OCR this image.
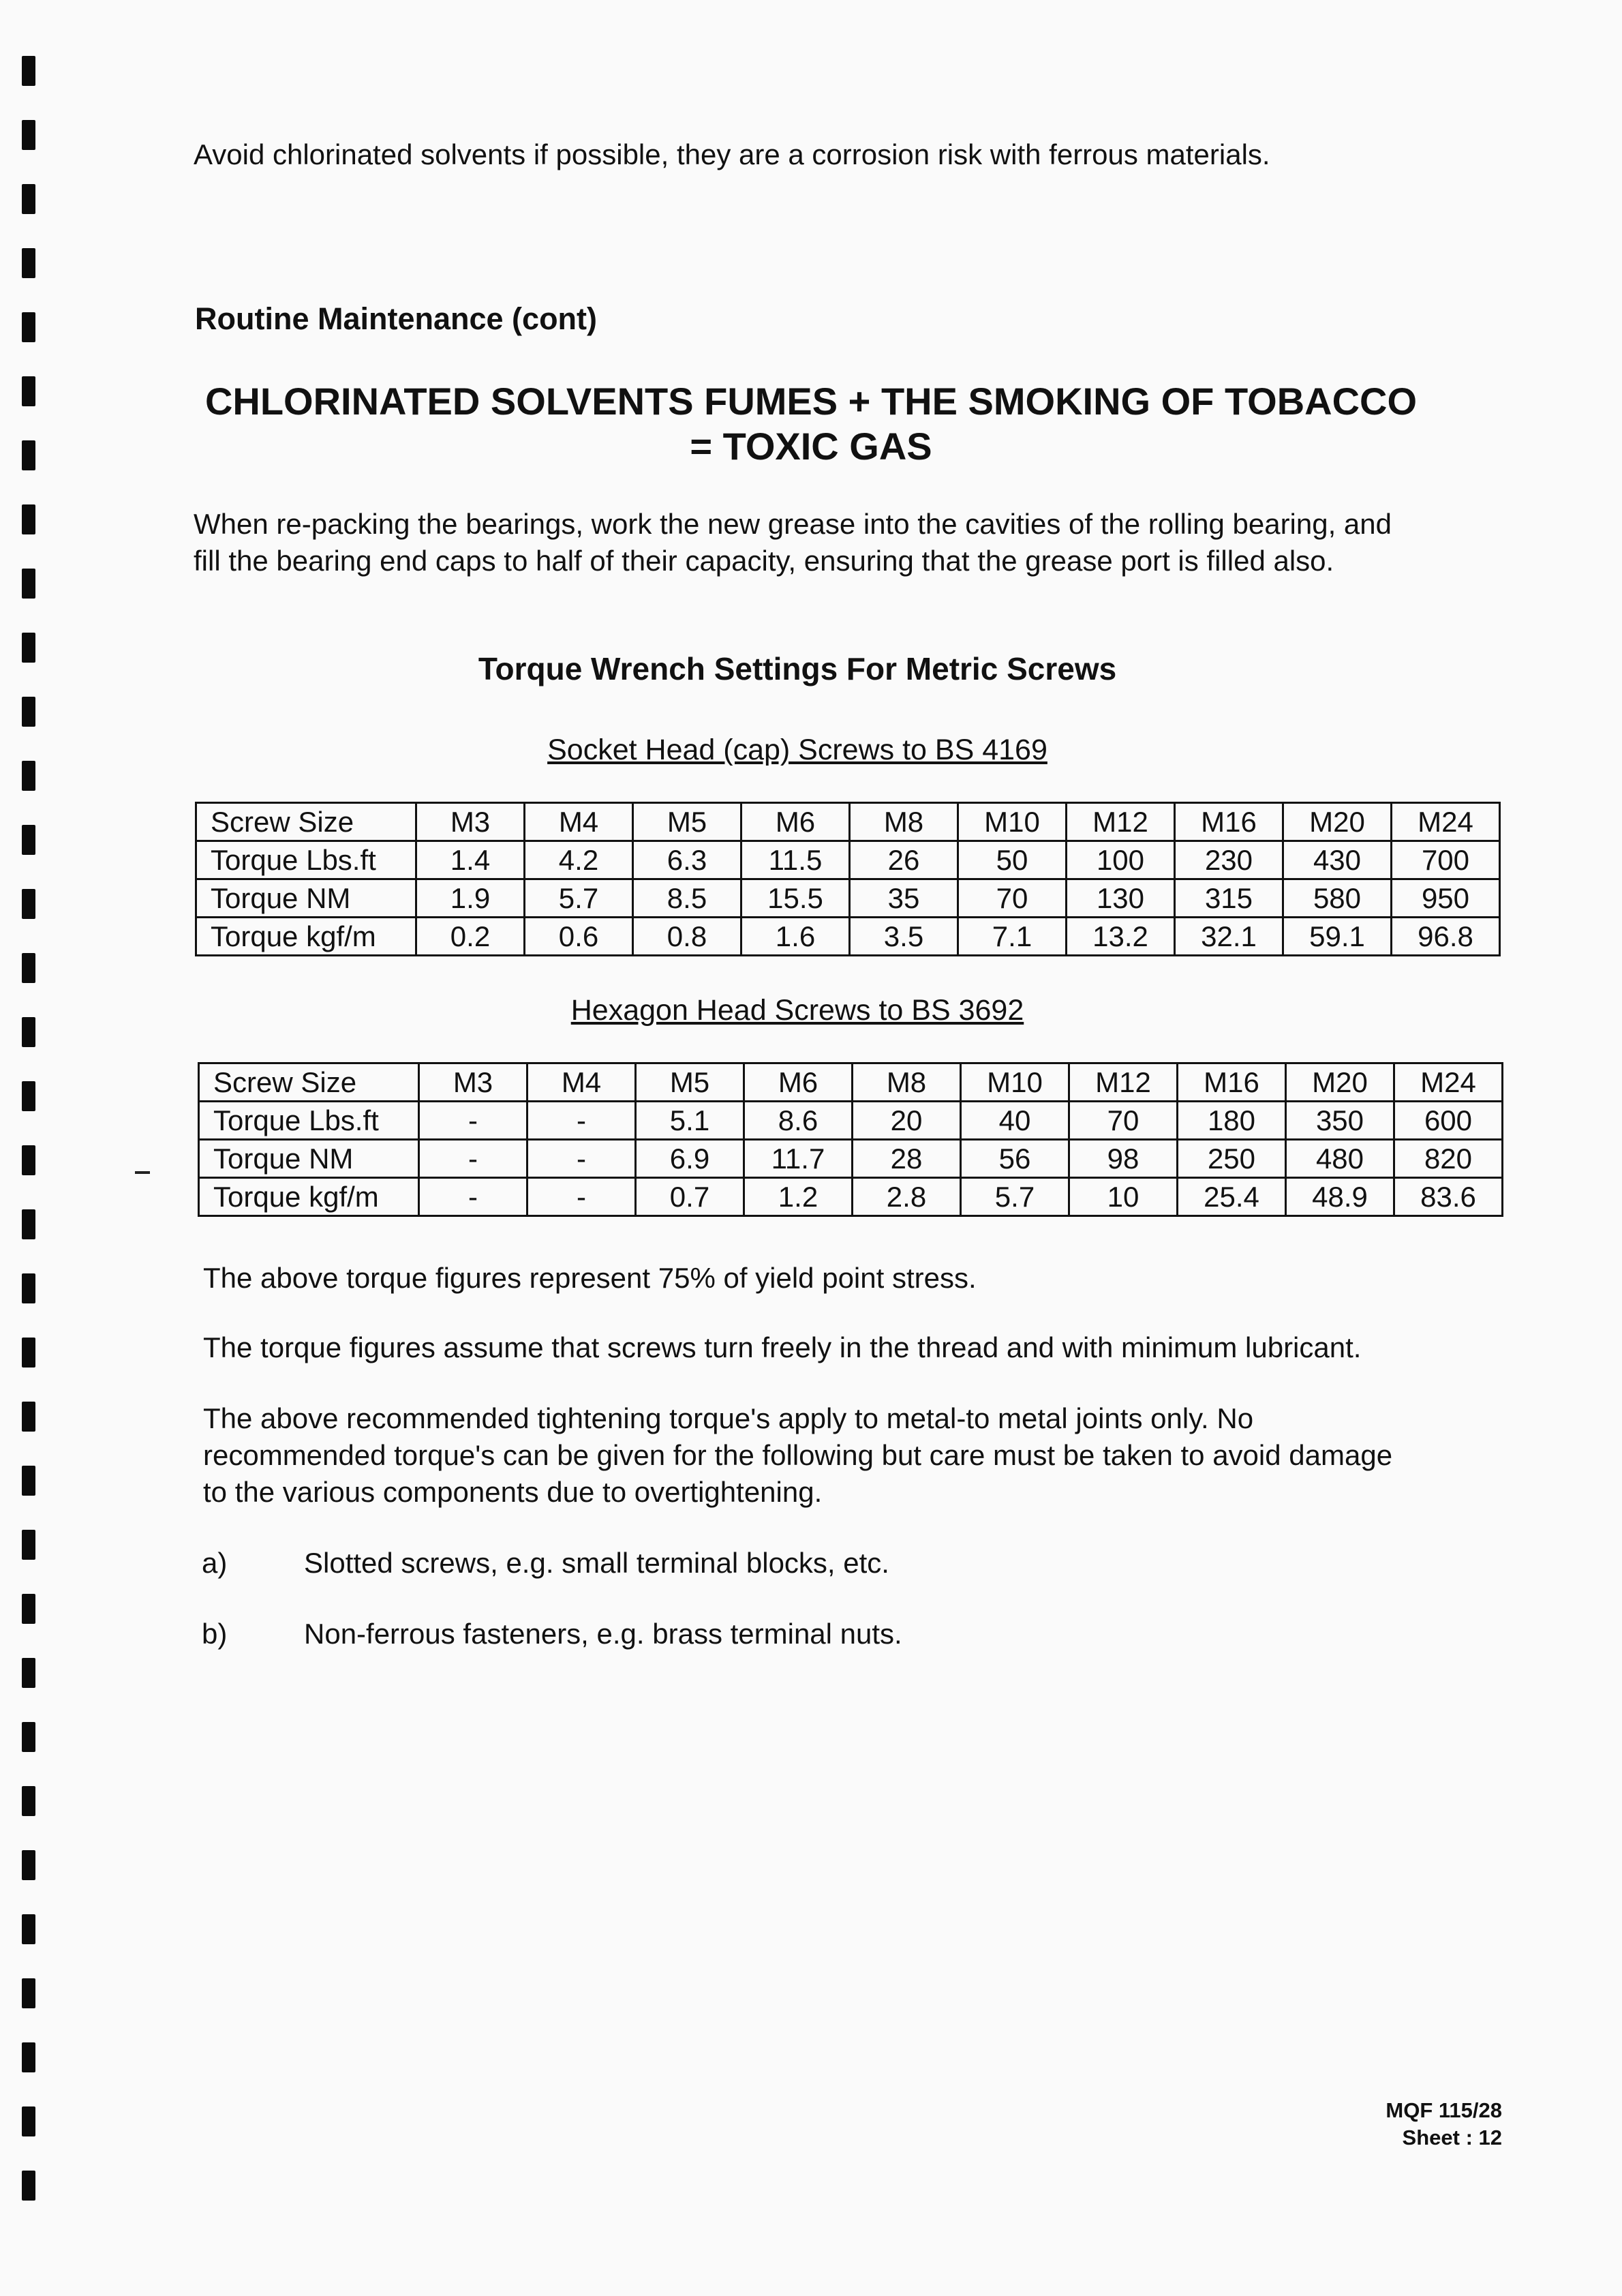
Avoid chlorinated solvents if possible, they are a corrosion risk with ferrous materials.
Routine Maintenance (cont)
CHLORINATED SOLVENTS FUMES + THE SMOKING OF TOBACCO
= TOXIC GAS
When re-packing the bearings, work the new grease into the cavities of the rolling bearing, and
fill the bearing end caps to half of their capacity, ensuring that the grease port is filled also.
Torque Wrench Settings For Metric Screws
Socket Head (cap) Screws to BS 4169
Screw Size	M3	M4	M5	M6	M8	M10	M12	M16	M20	M24
Torque Lbs.ft	1.4	4.2	6.3	11.5	26	50	100	230	430	700
Torque NM	1.9	5.7	8.5	15.5	35	70	130	315	580	950
Torque kgf/m	0.2	0.6	0.8	1.6	3.5	7.1	13.2	32.1	59.1	96.8
Hexagon Head Screws to BS 3692
Screw Size	M3	M4	M5	M6	M8	M10	M12	M16	M20	M24
Torque Lbs.ft	-	-	5.1	8.6	20	40	70	180	350	600
Torque NM	-	-	6.9	11.7	28	56	98	250	480	820
Torque kgf/m	-	-	0.7	1.2	2.8	5.7	10	25.4	48.9	83.6
The above torque figures represent 75% of yield point stress.
The torque figures assume that screws turn freely in the thread and with minimum lubricant.
The above recommended tightening torque's apply to metal-to metal joints only. No
recommended torque's can be given for the following but care must be taken to avoid damage
to the various components due to overtightening.
a)	Slotted screws, e.g. small terminal blocks, etc.
b)	Non-ferrous fasteners, e.g. brass terminal nuts.
MQF 115/28
Sheet : 12
